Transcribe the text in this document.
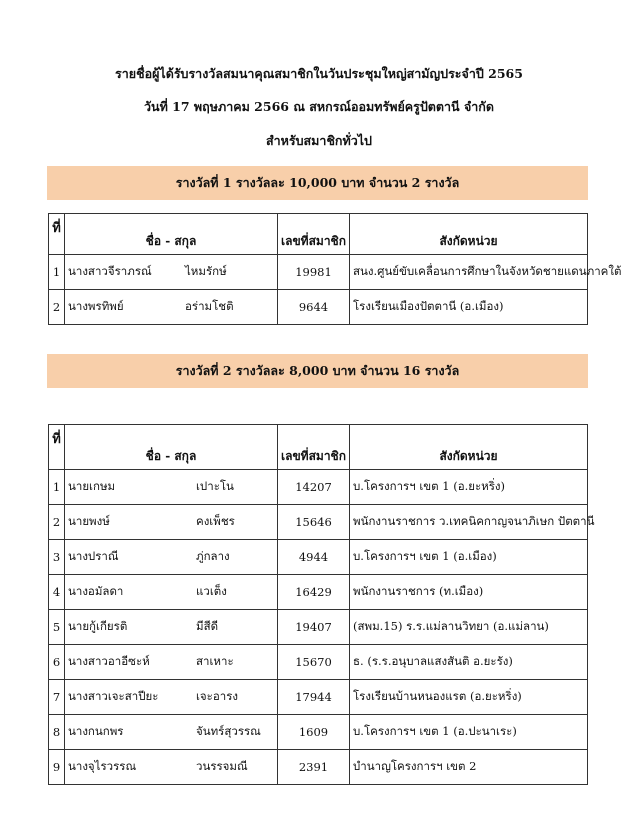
รายชื่อผู้ได้รับรางวัลสมนาคุณสมาชิกในวันประชุมใหญ่สามัญประจำปี 2565
วันที่ 17 พฤษภาคม 2566 ณ สหกรณ์ออมทรัพย์ครูปัตตานี จำกัด
สำหรับสมาชิกทั่วไป
รางวัลที่ 1 รางวัลละ 10,000 บาท จำนวน 2 รางวัล
ที่	ชื่อ - สกุล	เลขที่สมาชิก	สังกัดหน่วย
1	นางสาวจีราภรณ์ ไหมรักษ์	19981	สนง.ศูนย์ขับเคลื่อนการศึกษาในจังหวัดชายแดนภาคใต้
2	นางพรทิพย์ อร่ามโชติ	9644	โรงเรียนเมืองปัตตานี (อ.เมือง)
รางวัลที่ 2 รางวัลละ 8,000 บาท จำนวน 16 รางวัล
ที่	ชื่อ - สกุล	เลขที่สมาชิก	สังกัดหน่วย
1	นายเกษม เปาะโน	14207	บ.โครงการฯ เขต 1 (อ.ยะหริ่ง)
2	นายพงษ์ คงเพ็ชร	15646	พนักงานราชการ ว.เทคนิคกาญจนาภิเษก ปัตตานี
3	นางปราณี ภู่กลาง	4944	บ.โครงการฯ เขต 1 (อ.เมือง)
4	นางอมัลดา แวเต็ง	16429	พนักงานราชการ (ท.เมือง)
5	นายกู้เกียรติ มีสีดี	19407	(สพม.15) ร.ร.แม่ลานวิทยา (อ.แม่ลาน)
6	นางสาวอาอีซะห์ สาเหาะ	15670	ธ. (ร.ร.อนุบาลแสงสันติ อ.ยะรัง)
7	นางสาวเจะสาปียะ เจะอารง	17944	โรงเรียนบ้านหนองแรต (อ.ยะหริ่ง)
8	นางกนกพร จันทร์สุวรรณ	1609	บ.โครงการฯ เขต 1 (อ.ปะนาเระ)
9	นางจุไรวรรณ วนรรจมณี	2391	บำนาญโครงการฯ เขต 2
